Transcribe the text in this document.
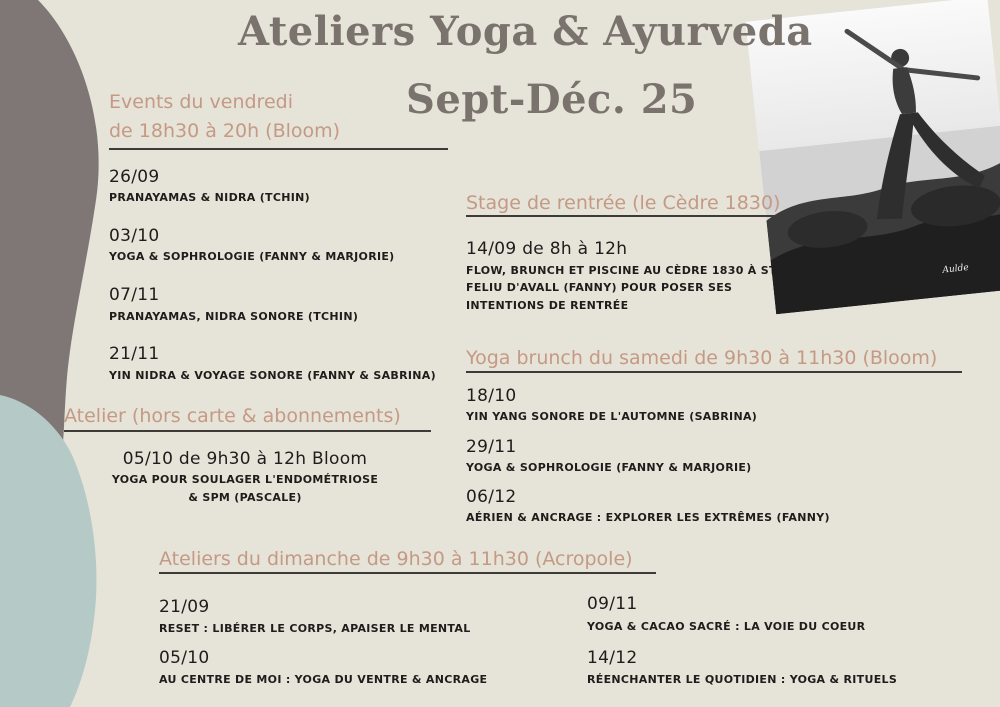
Aulde
Ateliers Yoga & Ayurveda
Sept-Déc. 25
Events du vendredi
de 18h30 à 20h (Bloom)
26/09
PRANAYAMAS & NIDRA (TCHIN)
03/10
YOGA & SOPHROLOGIE (FANNY & MARJORIE)
07/11
PRANAYAMAS, NIDRA SONORE (TCHIN)
21/11
YIN NIDRA & VOYAGE SONORE (FANNY & SABRINA)
Stage de rentrée (le Cèdre 1830)
14/09 de 8h à 12h
FLOW, BRUNCH ET PISCINE AU CÈDRE 1830 À ST
FELIU D'AVALL (FANNY) POUR POSER SES
INTENTIONS DE RENTRÉE
Yoga brunch du samedi de 9h30 à 11h30 (Bloom)
18/10
YIN YANG SONORE DE L'AUTOMNE (SABRINA)
29/11
YOGA & SOPHROLOGIE (FANNY & MARJORIE)
06/12
AÉRIEN & ANCRAGE : EXPLORER LES EXTRÊMES (FANNY)
Atelier (hors carte & abonnements)
05/10 de 9h30 à 12h Bloom
YOGA POUR SOULAGER L'ENDOMÉTRIOSE
& SPM (PASCALE)
Ateliers du dimanche de 9h30 à 11h30 (Acropole)
21/09
RESET : LIBÉRER LE CORPS, APAISER LE MENTAL
05/10
AU CENTRE DE MOI : YOGA DU VENTRE & ANCRAGE
09/11
YOGA & CACAO SACRÉ : LA VOIE DU COEUR
14/12
RÉENCHANTER LE QUOTIDIEN : YOGA & RITUELS
